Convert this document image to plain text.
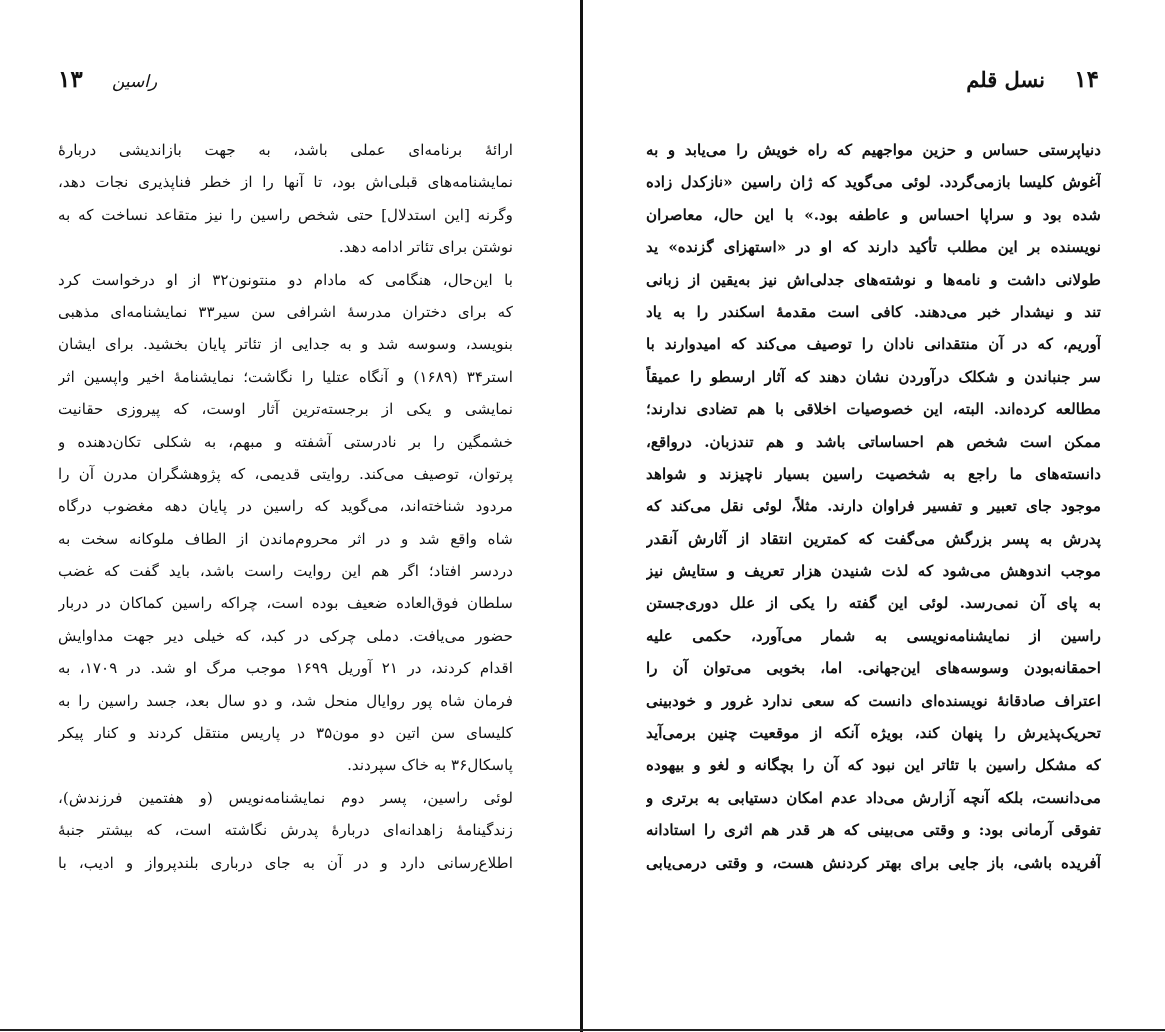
راسین    ۱۳
ارائهٔ برنامه‌ای عملی باشد، به جهت بازاندیشی دربارهٔ
نمایشنامه‌های قبلی‌اش بود، تا آنها را از خطر فناپذیری نجات دهد،
وگرنه [این استدلال] حتی شخص راسین را نیز متقاعد نساخت که به
نوشتن برای تئاتر ادامه دهد.
با این‌حال، هنگامی که مادام دو منتونون۳۲ از او درخواست کرد
که برای دختران مدرسهٔ اشرافی سن سیر۳۳ نمایشنامه‌ای مذهبی
بنویسد، وسوسه شد و به جدایی از تئاتر پایان بخشید. برای ایشان
استر۳۴ (۱۶۸۹) و آنگاه عتلیا را نگاشت؛ نمایشنامهٔ اخیر واپسین اثر
نمایشی و یکی از برجسته‌ترین آثار اوست، که پیروزی حقانیت
خشمگین را بر نادرستی آشفته و مبهم، به شکلی تکان‌دهنده و
پرتوان، توصیف می‌کند. روایتی قدیمی، که پژوهشگران مدرن آن را
مردود شناخته‌اند، می‌گوید که راسین در پایان دهه مغضوب درگاه
شاه واقع شد و در اثر محروم‌ماندن از الطاف ملوکانه سخت به
دردسر افتاد؛ اگر هم این روایت راست باشد، باید گفت که غضب
سلطان فوق‌العاده ضعیف بوده است، چراکه راسین کماکان در دربار
حضور می‌یافت. دملی چرکی در کبد، که خیلی دیر جهت مداوایش
اقدام کردند، در ۲۱ آوریل ۱۶۹۹ موجب مرگ او شد. در ۱۷۰۹، به
فرمان شاه پور روایال منحل شد، و دو سال بعد، جسد راسین را به
کلیسای سن اتین دو مون۳۵ در پاریس منتقل کردند و کنار پیکر
پاسکال۳۶ به خاک سپردند.
لوئی راسین، پسر دوم نمایشنامه‌نویس (و هفتمین فرزندش)،
زندگینامهٔ زاهدانه‌ای دربارهٔ پدرش نگاشته است، که بیشتر جنبهٔ
اطلاع‌رسانی دارد و در آن به جای درباری بلندپرواز و ادیب، با
۱۴    نسل قلم
دنیاپرستی حساس و حزین مواجهیم که راه خویش را می‌یابد و به
آغوش کلیسا بازمی‌گردد. لوئی می‌گوید که ژان راسین «نازکدل زاده
شده بود و سراپا احساس و عاطفه بود.» با این حال، معاصران
نویسنده بر این مطلب تأکید دارند که او در «استهزای گزنده» ید
طولانی داشت و نامه‌ها و نوشته‌های جدلی‌اش نیز به‌یقین از زبانی
تند و نیشدار خبر می‌دهند. کافی است مقدمهٔ اسکندر را به یاد
آوریم، که در آن منتقدانی نادان را توصیف می‌کند که امیدوارند با
سر جنباندن و شکلک درآوردن نشان دهند که آثار ارسطو را عمیقاً
مطالعه کرده‌اند. البته، این خصوصیات اخلاقی با هم تضادی ندارند؛
ممکن است شخص هم احساساتی باشد و هم تندزبان. درواقع،
دانسته‌های ما راجع به شخصیت راسین بسیار ناچیزند و شواهد
موجود جای تعبیر و تفسیر فراوان دارند. مثلاً، لوئی نقل می‌کند که
پدرش به پسر بزرگش می‌گفت که کمترین انتقاد از آثارش آنقدر
موجب اندوهش می‌شود که لذت شنیدن هزار تعریف و ستایش نیز
به پای آن نمی‌رسد. لوئی این گفته را یکی از علل دوری‌جستن
راسین از نمایشنامه‌نویسی به شمار می‌آورد، حکمی علیه
احمقانه‌بودن وسوسه‌های این‌جهانی. اما، بخوبی می‌توان آن را
اعتراف صادقانهٔ نویسنده‌ای دانست که سعی ندارد غرور و خودبینی
تحریک‌پذیرش را پنهان کند، بویژه آنکه از موقعیت چنین برمی‌آید
که مشکل راسین با تئاتر این نبود که آن را بچگانه و لغو و بیهوده
می‌دانست، بلکه آنچه آزارش می‌داد عدم امکان دستیابی به برتری و
تفوقی آرمانی بود: و وقتی می‌بینی که هر قدر هم اثری را استادانه
آفریده باشی، باز جایی برای بهتر کردنش هست، و وقتی درمی‌یابی
